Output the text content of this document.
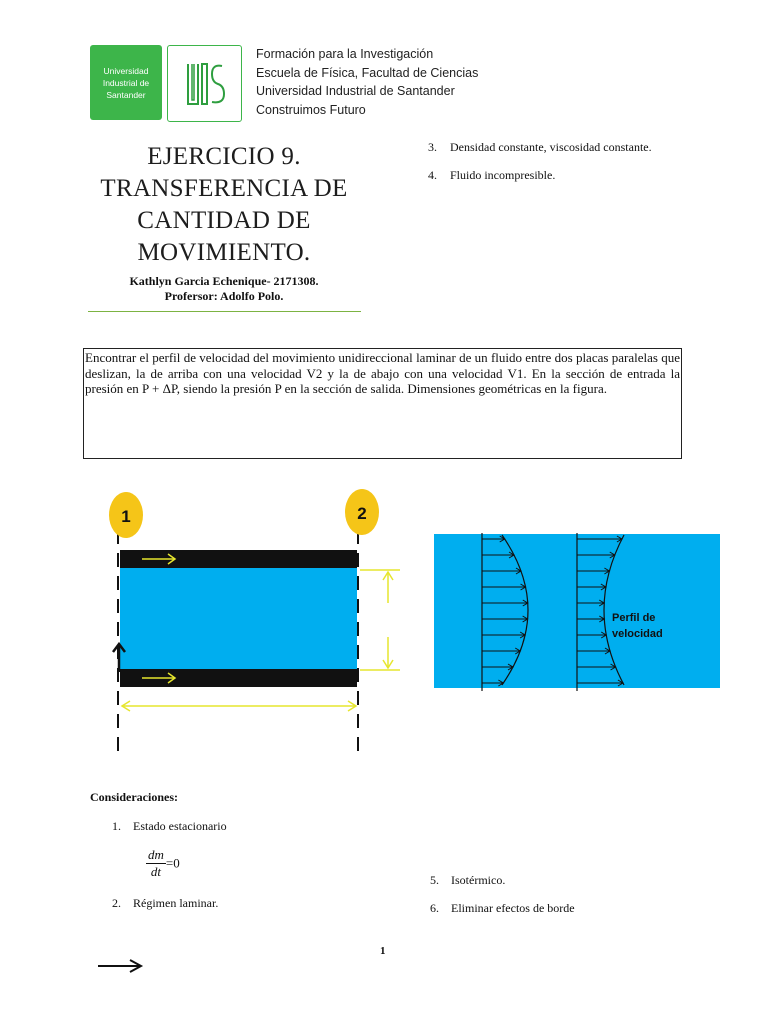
Universidad Industrial de Santander
Formación para la Investigación
Escuela de Física, Facultad de Ciencias
Universidad Industrial de Santander
Construimos Futuro
EJERCICIO 9.
TRANSFERENCIA DE
CANTIDAD DE
MOVIMIENTO.
Kathlyn Garcia Echenique- 2171308.
Profersor: Adolfo Polo.
3.	Densidad constante, viscosidad constante.
4.	Fluido incompresible.
Encontrar el perfil de velocidad del movimiento unidireccional laminar de un fluido entre dos placas paralelas que deslizan, la de arriba con una velocidad V2 y la de abajo con una velocidad V1. En la sección de entrada la presión en P + ΔP, siendo la presión P en la sección de salida. Dimensiones geométricas en la figura.
1	2
Perfil de
velocidad
Consideraciones:
1. Estado estacionario
$\frac{dm}{dt} =0$
2. Régimen laminar.
5. Isotérmico.
6. Eliminar efectos de borde
1
